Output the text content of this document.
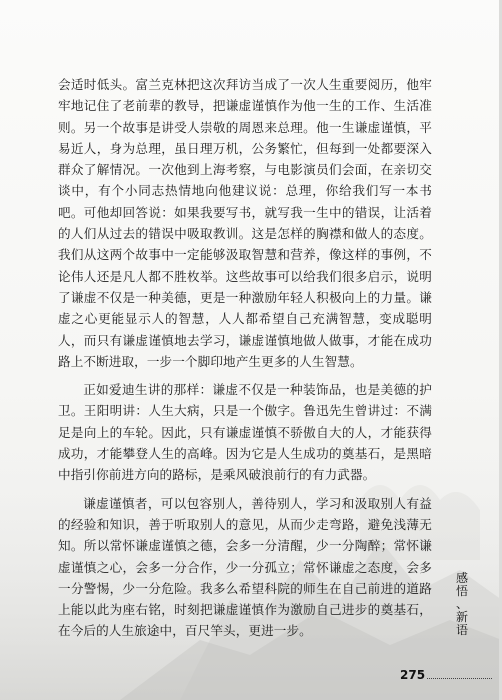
会适时低头。富兰克林把这次拜访当成了一次人生重要阅历，他牢牢地记住了老前辈的教导，把谦虚谨慎作为他一生的工作、生活准则。另一个故事是讲受人崇敬的周恩来总理。他一生谦虚谨慎，平易近人，身为总理，虽日理万机，公务繁忙，但每到一处都要深入群众了解情况。一次他到上海考察，与电影演员们会面，在亲切交谈中，有个小同志热情地向他建议说：总理，你给我们写一本书吧。可他却回答说：如果我要写书，就写我一生中的错误，让活着的人们从过去的错误中吸取教训。这是怎样的胸襟和做人的态度。我们从这两个故事中一定能够汲取智慧和营养，像这样的事例，不论伟人还是凡人都不胜枚举。这些故事可以给我们很多启示，说明了谦虚不仅是一种美德，更是一种激励年轻人积极向上的力量。谦虚之心更能显示人的智慧，人人都希望自己充满智慧，变成聪明人，而只有谦虚谨慎地去学习，谦虚谨慎地做人做事，才能在成功路上不断进取，一步一个脚印地产生更多的人生智慧。

正如爱迪生讲的那样：谦虚不仅是一种装饰品，也是美德的护卫。王阳明讲：人生大病，只是一个傲字。鲁迅先生曾讲过：不满足是向上的车轮。因此，只有谦虚谨慎不骄傲自大的人，才能获得成功，才能攀登人生的高峰。因为它是人生成功的奠基石，是黑暗中指引你前进方向的路标，是乘风破浪前行的有力武器。

谦虚谨慎者，可以包容别人，善待别人，学习和汲取别人有益的经验和知识，善于听取别人的意见，从而少走弯路，避免浅薄无知。所以常怀谦虚谨慎之德，会多一分清醒，少一分陶醉；常怀谦虚谨慎之心，会多一分合作，少一分孤立；常怀谦虚之态度，会多一分警惕，少一分危险。我多么希望科院的师生在自己前进的道路上能以此为座右铭，时刻把谦虚谨慎作为激励自己进步的奠基石，在今后的人生旅途中，百尺竿头，更进一步。

感
悟
、
新
语
275
